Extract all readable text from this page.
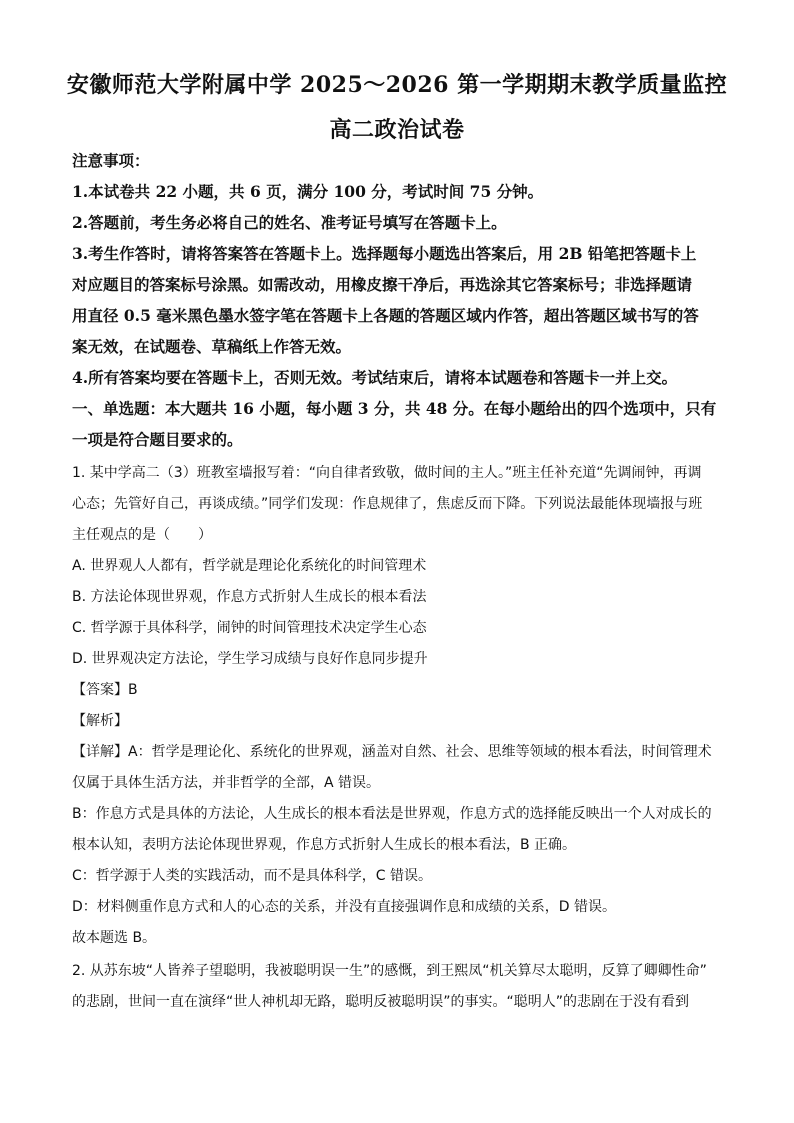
安徽师范大学附属中学 2025～2026 第一学期期末教学质量监控
高二政治试卷
注意事项：
1.本试卷共 22 小题，共 6 页，满分 100 分，考试时间 75 分钟。
2.答题前，考生务必将自己的姓名、准考证号填写在答题卡上。
3.考生作答时，请将答案答在答题卡上。选择题每小题选出答案后，用 2B 铅笔把答题卡上
对应题目的答案标号涂黑。如需改动，用橡皮擦干净后，再选涂其它答案标号；非选择题请
用直径 0.5 毫米黑色墨水签字笔在答题卡上各题的答题区域内作答，超出答题区域书写的答
案无效，在试题卷、草稿纸上作答无效。
4.所有答案均要在答题卡上，否则无效。考试结束后，请将本试题卷和答题卡一并上交。
一、单选题：本大题共 16 小题，每小题 3 分，共 48 分。在每小题给出的四个选项中，只有
一项是符合题目要求的。
1. 某中学高二（3）班教室墙报写着：“向自律者致敬，做时间的主人。”班主任补充道“先调闹钟，再调
心态；先管好自己，再谈成绩。”同学们发现：作息规律了，焦虑反而下降。下列说法最能体现墙报与班
主任观点的是（　　）
A. 世界观人人都有，哲学就是理论化系统化的时间管理术
B. 方法论体现世界观，作息方式折射人生成长的根本看法
C. 哲学源于具体科学，闹钟的时间管理技术决定学生心态
D. 世界观决定方法论，学生学习成绩与良好作息同步提升
【答案】B
【解析】
【详解】A：哲学是理论化、系统化的世界观，涵盖对自然、社会、思维等领域的根本看法，时间管理术
仅属于具体生活方法，并非哲学的全部，A 错误。
B：作息方式是具体的方法论，人生成长的根本看法是世界观，作息方式的选择能反映出一个人对成长的
根本认知，表明方法论体现世界观，作息方式折射人生成长的根本看法，B 正确。
C：哲学源于人类的实践活动，而不是具体科学，C 错误。
D：材料侧重作息方式和人的心态的关系，并没有直接强调作息和成绩的关系，D 错误。
故本题选 B。
2. 从苏东坡“人皆养子望聪明，我被聪明误一生”的感慨，到王熙凤“机关算尽太聪明，反算了卿卿性命”
的悲剧，世间一直在演绎“世人神机却无路，聪明反被聪明误”的事实。“聪明人”的悲剧在于没有看到
